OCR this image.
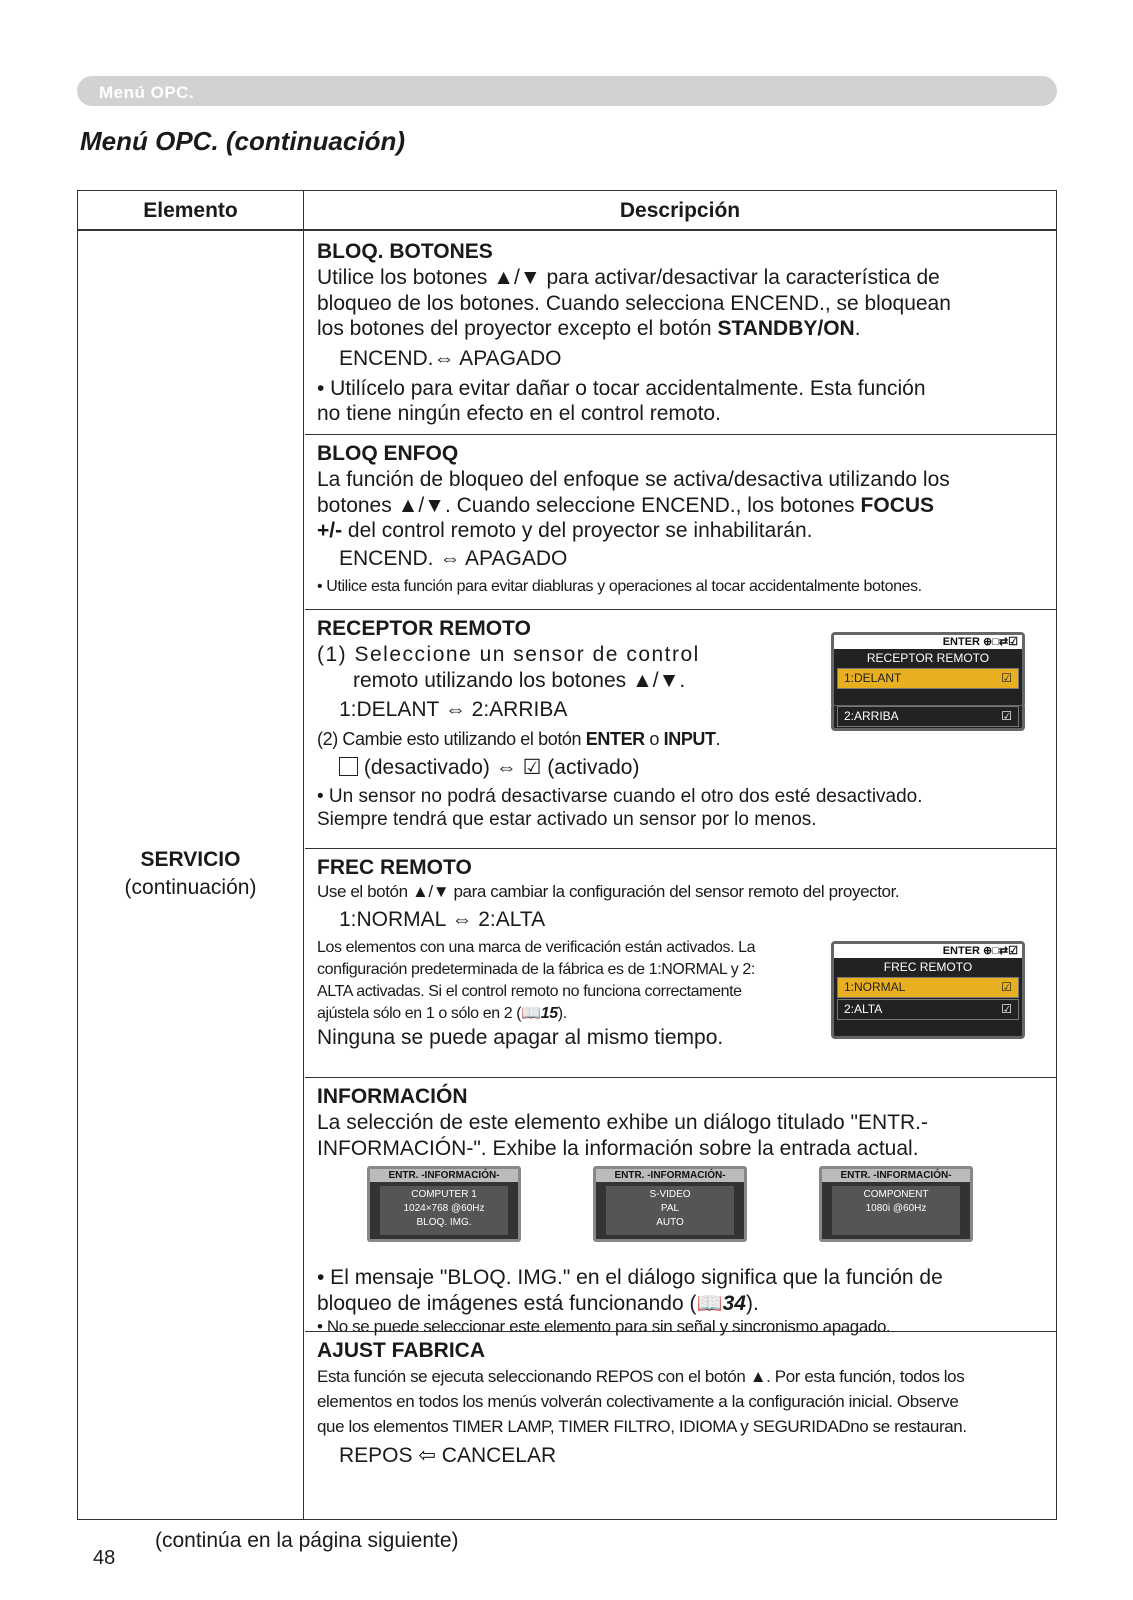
Menú OPC.
Menú OPC. (continuación)
Elemento	Descripción
SERVICIO
(continuación)

BLOQ. BOTONES

Utilice los botones ▲/▼ para activar/desactivar la característica de

bloqueo de los botones. Cuando selecciona ENCEND., se bloquean

los botones del proyector excepto el botón STANDBY/ON.

ENCEND.⇔ APAGADO

• Utilícelo para evitar dañar o tocar accidentalmente. Esta función

no tiene ningún efecto en el control remoto.

BLOQ ENFOQ

La función de bloqueo del enfoque se activa/desactiva utilizando los

botones ▲/▼. Cuando seleccione ENCEND., los botones FOCUS

+/- del control remoto y del proyector se inhabilitarán.

ENCEND. ⇔ APAGADO

• Utilice esta función para evitar diabluras y operaciones al tocar accidentalmente botones.

RECEPTOR REMOTO

(1) Seleccione un sensor de control

remoto utilizando los botones ▲/▼.

1:DELANT ⇔ 2:ARRIBA

(2) Cambie esto utilizando el botón ENTER o INPUT.

(desactivado) ⇔ ☑ (activado)

• Un sensor no podrá desactivarse cuando el otro dos esté desactivado.

Siempre tendrá que estar activado un sensor por lo menos.

ENTER ⊕□⇄☑
RECEPTOR REMOTO
1:DELANT	☑
2:ARRIBA	☑

FREC REMOTO

Use el botón ▲/▼ para cambiar la configuración del sensor remoto del proyector.

1:NORMAL ⇔ 2:ALTA

Los elementos con una marca de verificación están activados. La

configuración predeterminada de la fábrica es de 1:NORMAL y 2:

ALTA activadas. Si el control remoto no funciona correctamente

ajústela sólo en 1 o sólo en 2 (📖15).

Ninguna se puede apagar al mismo tiempo.

ENTER ⊕□⇄☑
FREC REMOTO
1:NORMAL	☑
2:ALTA	☑

INFORMACIÓN

La selección de este elemento exhibe un diálogo titulado "ENTR.-

INFORMACIÓN-". Exhibe la información sobre la entrada actual.

• El mensaje "BLOQ. IMG." en el diálogo significa que la función de

bloqueo de imágenes está funcionando (📖34).

• No se puede seleccionar este elemento para sin señal y sincronismo apagado.

ENTR. -INFORMACIÓN-
COMPUTER 1
1024×768 @60Hz
BLOQ. IMG.
ENTR. -INFORMACIÓN-
S-VIDEO
PAL
AUTO
ENTR. -INFORMACIÓN-
COMPONENT
1080i @60Hz

AJUST FABRICA

Esta función se ejecuta seleccionando REPOS con el botón ▲. Por esta función, todos los

elementos en todos los menús volverán colectivamente a la configuración inicial. Observe

que los elementos TIMER LAMP, TIMER FILTRO, IDIOMA y SEGURIDADno se restauran.

REPOS ⇦ CANCELAR

(continúa en la página siguiente)
48
